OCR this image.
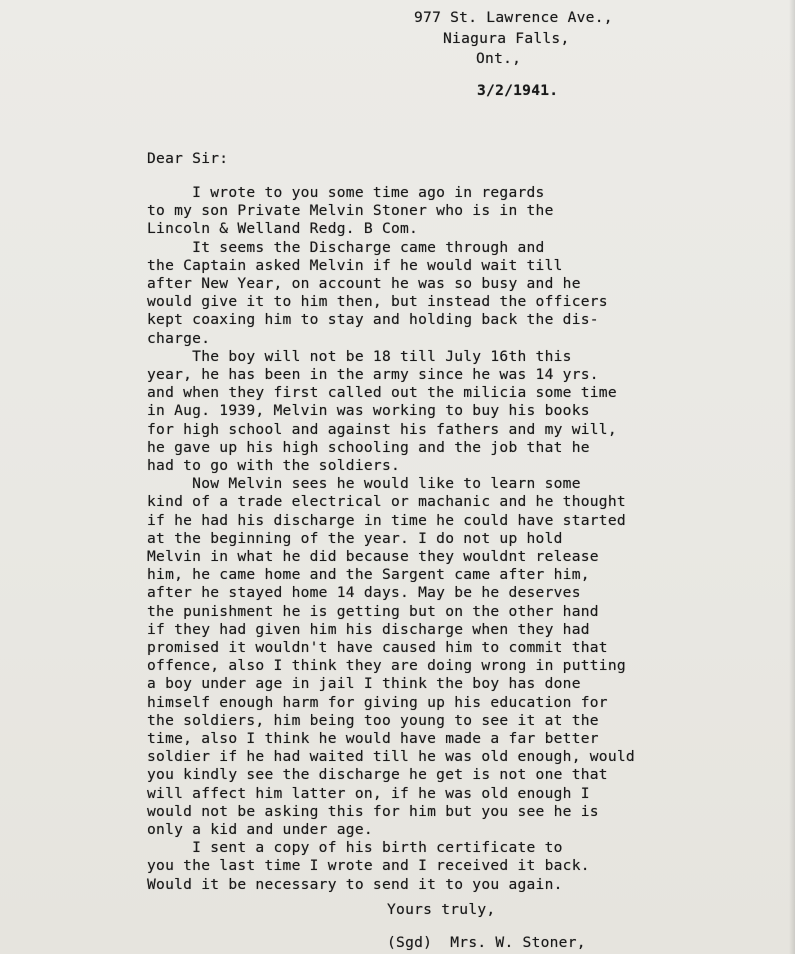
977 St. Lawrence Ave.,
Niagura Falls,
Ont.,
3/2/1941.
Dear Sir:
I wrote to you some time ago in regards
to my son Private Melvin Stoner who is in the
Lincoln & Welland Redg. B Com.
It seems the Discharge came through and
the Captain asked Melvin if he would wait till
after New Year, on account he was so busy and he
would give it to him then, but instead the officers
kept coaxing him to stay and holding back the dis-
charge.
The boy will not be 18 till July 16th this
year, he has been in the army since he was 14 yrs.
and when they first called out the milicia some time
in Aug. 1939, Melvin was working to buy his books
for high school and against his fathers and my will,
he gave up his high schooling and the job that he
had to go with the soldiers.
Now Melvin sees he would like to learn some
kind of a trade electrical or machanic and he thought
if he had his discharge in time he could have started
at the beginning of the year. I do not up hold
Melvin in what he did because they wouldnt release
him, he came home and the Sargent came after him,
after he stayed home 14 days. May be he deserves
the punishment he is getting but on the other hand
if they had given him his discharge when they had
promised it wouldn't have caused him to commit that
offence, also I think they are doing wrong in putting
a boy under age in jail I think the boy has done
himself enough harm for giving up his education for
the soldiers, him being too young to see it at the
time, also I think he would have made a far better
soldier if he had waited till he was old enough, would
you kindly see the discharge he get is not one that
will affect him latter on, if he was old enough I
would not be asking this for him but you see he is
only a kid and under age.
I sent a copy of his birth certificate to
you the last time I wrote and I received it back.
Would it be necessary to send it to you again.
Yours truly,
(Sgd)  Mrs. W. Stoner,
